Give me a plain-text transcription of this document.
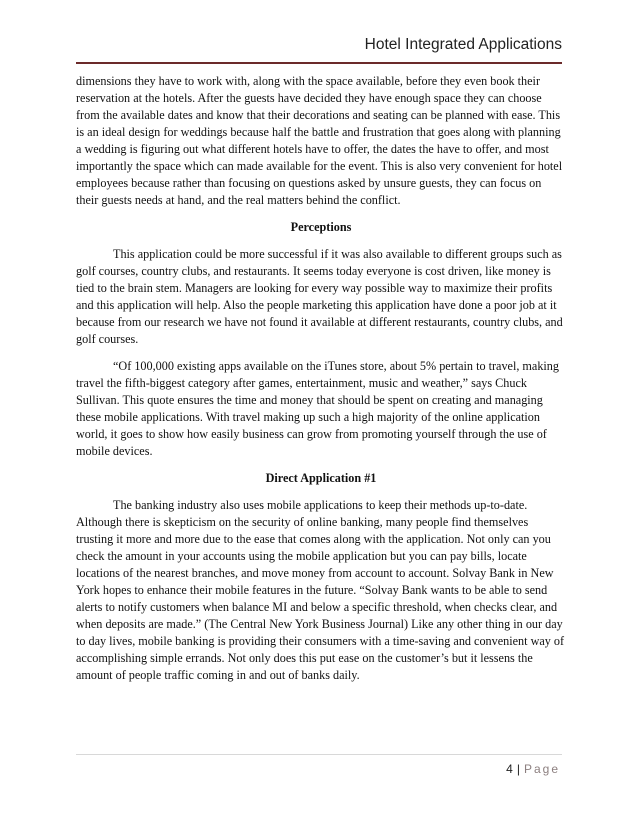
Hotel Integrated Applications

dimensions they have to work with, along with the space available, before they even book their reservation at the hotels. After the guests have decided they have enough space they can choose from the available dates and know that their decorations and seating can be planned with ease. This is an ideal design for weddings because half the battle and frustration that goes along with planning a wedding is figuring out what different hotels have to offer, the dates the have to offer, and most importantly the space which can made available for the event. This is also very convenient for hotel employees because rather than focusing on questions asked by unsure guests, they can focus on their guests needs at hand, and the real matters behind the conflict.

Perceptions

This application could be more successful if it was also available to different groups such as golf courses, country clubs, and restaurants. It seems today everyone is cost driven, like money is tied to the brain stem. Managers are looking for every way possible way to maximize their profits and this application will help. Also the people marketing this application have done a poor job at it because from our research we have not found it available at different restaurants, country clubs, and golf courses.

“Of 100,000 existing apps available on the iTunes store, about 5% pertain to travel, making travel the fifth-biggest category after games, entertainment, music and weather,” says Chuck Sullivan. This quote ensures the time and money that should be spent on creating and managing these mobile applications. With travel making up such a high majority of the online application world, it goes to show how easily business can grow from promoting yourself through the use of mobile devices.

Direct Application #1

The banking industry also uses mobile applications to keep their methods up-to-date. Although there is skepticism on the security of online banking, many people find themselves trusting it more and more due to the ease that comes along with the application. Not only can you check the amount in your accounts using the mobile application but you can pay bills, locate locations of the nearest branches, and move money from account to account. Solvay Bank in New York hopes to enhance their mobile features in the future. “Solvay Bank wants to be able to send alerts to notify customers when balance MI and below a specific threshold, when checks clear, and when deposits are made.” (The Central New York Business Journal) Like any other thing in our day to day lives, mobile banking is providing their consumers with a time-saving and convenient way of accomplishing simple errands. Not only does this put ease on the customer’s but it lessens the amount of people traffic coming in and out of banks daily.

4 | Page
